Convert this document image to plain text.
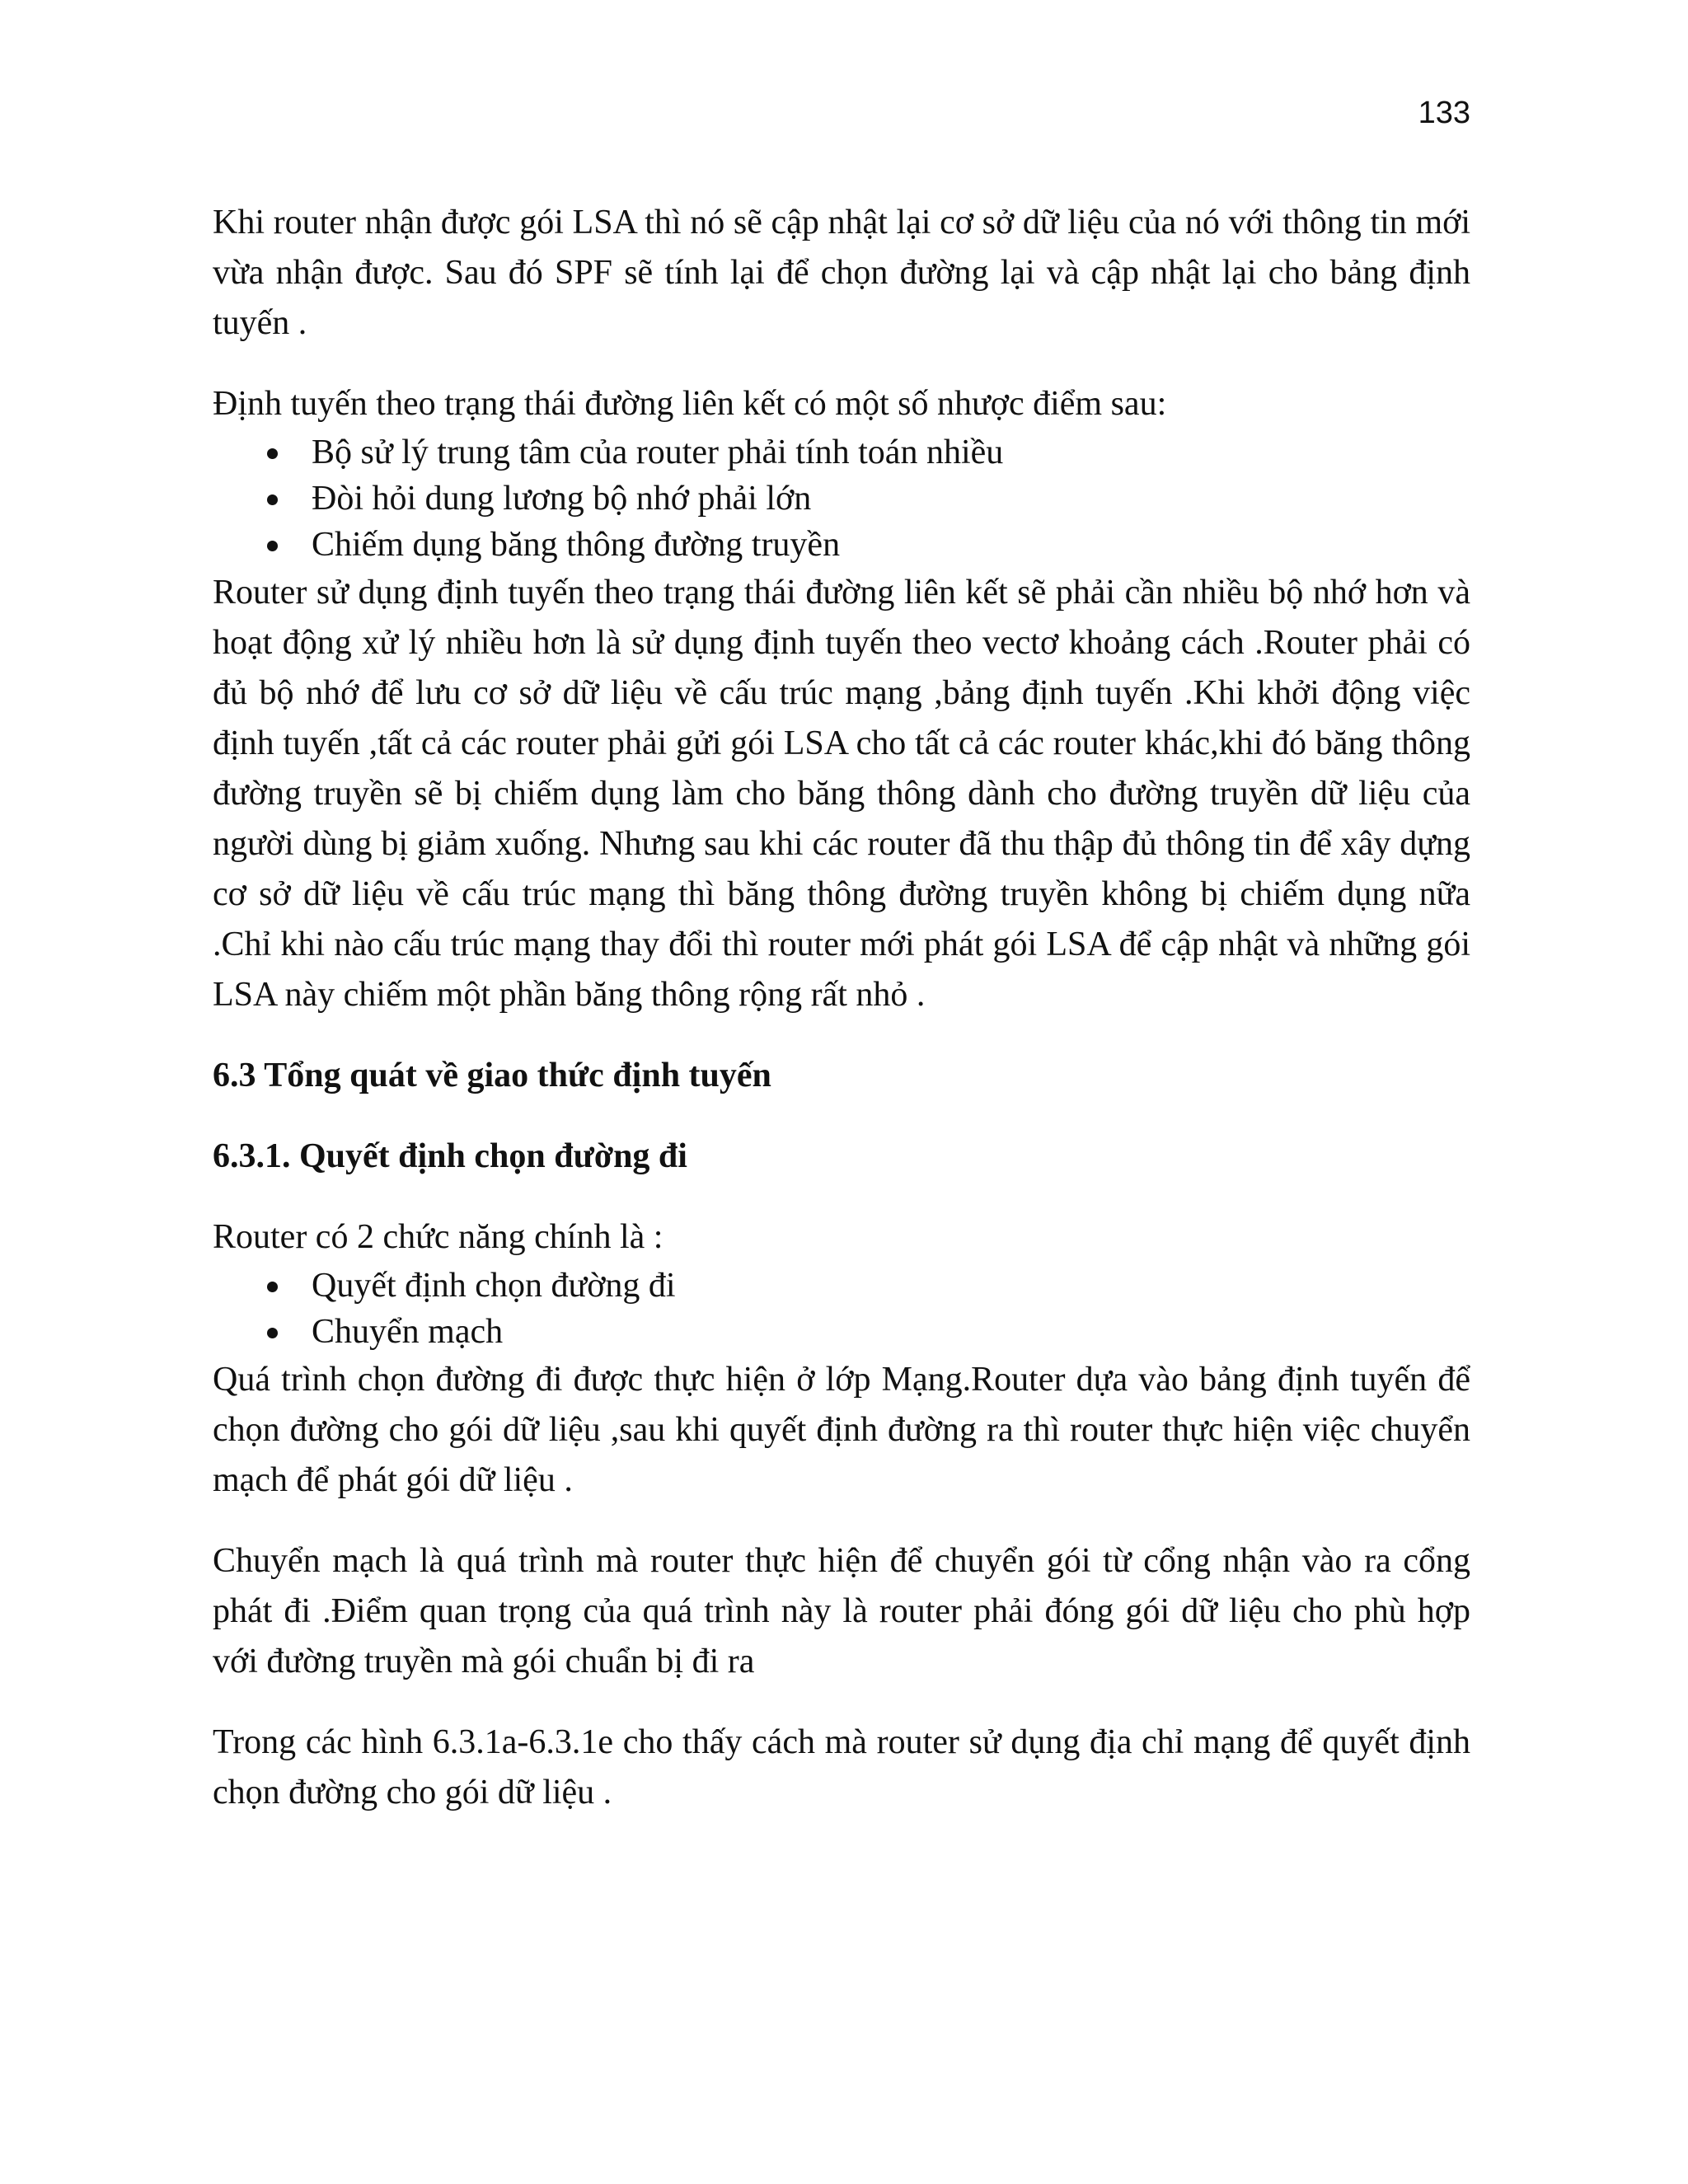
133

Khi router nhận được gói LSA thì nó sẽ cập nhật lại cơ sở dữ liệu của nó với thông tin mới vừa nhận được. Sau đó SPF sẽ tính lại để chọn đường lại và cập nhật lại cho bảng định tuyến .

Định tuyến theo trạng thái đường liên kết có một số nhược điểm sau:

Bộ sử lý trung tâm của router phải tính toán nhiều
Đòi hỏi dung lương bộ nhớ phải lớn
Chiếm dụng băng thông đường truyền

Router sử dụng định tuyến theo trạng thái đường liên kết sẽ phải cần nhiều bộ nhớ hơn và hoạt động xử lý nhiều hơn là sử dụng định tuyến theo vectơ khoảng cách .Router phải có đủ bộ nhớ để lưu cơ sở dữ liệu về cấu trúc mạng ,bảng định tuyến .Khi khởi động việc định tuyến ,tất cả các router phải gửi gói LSA cho tất cả các router khác,khi đó băng thông đường truyền sẽ bị chiếm dụng làm cho băng thông dành cho đường truyền dữ liệu của người dùng bị giảm xuống. Nhưng sau khi các router đã thu thập đủ thông tin để xây dựng cơ sở dữ liệu về cấu trúc mạng thì băng thông đường truyền không bị chiếm dụng nữa .Chỉ khi nào cấu trúc mạng thay đổi thì router mới phát gói LSA để cập nhật và những gói LSA này chiếm một phần băng thông rộng rất nhỏ .

6.3 Tổng quát về giao thức định tuyến
6.3.1. Quyết định chọn đường đi

Router có 2 chức năng chính là :

Quyết định chọn đường đi
Chuyển mạch

Quá trình chọn đường đi được thực hiện ở lớp Mạng.Router dựa vào bảng định tuyến để chọn đường cho gói dữ liệu ,sau khi quyết định đường ra thì router thực hiện việc chuyển mạch để phát gói dữ liệu .

Chuyển mạch là quá trình mà router thực hiện để chuyển gói từ cổng nhận vào ra cổng phát đi .Điểm quan trọng của quá trình này là router phải đóng gói dữ liệu cho phù hợp với đường truyền mà gói chuẩn bị đi ra

Trong các hình 6.3.1a-6.3.1e cho thấy cách mà router sử dụng địa chỉ mạng để quyết định chọn đường cho gói dữ liệu .
